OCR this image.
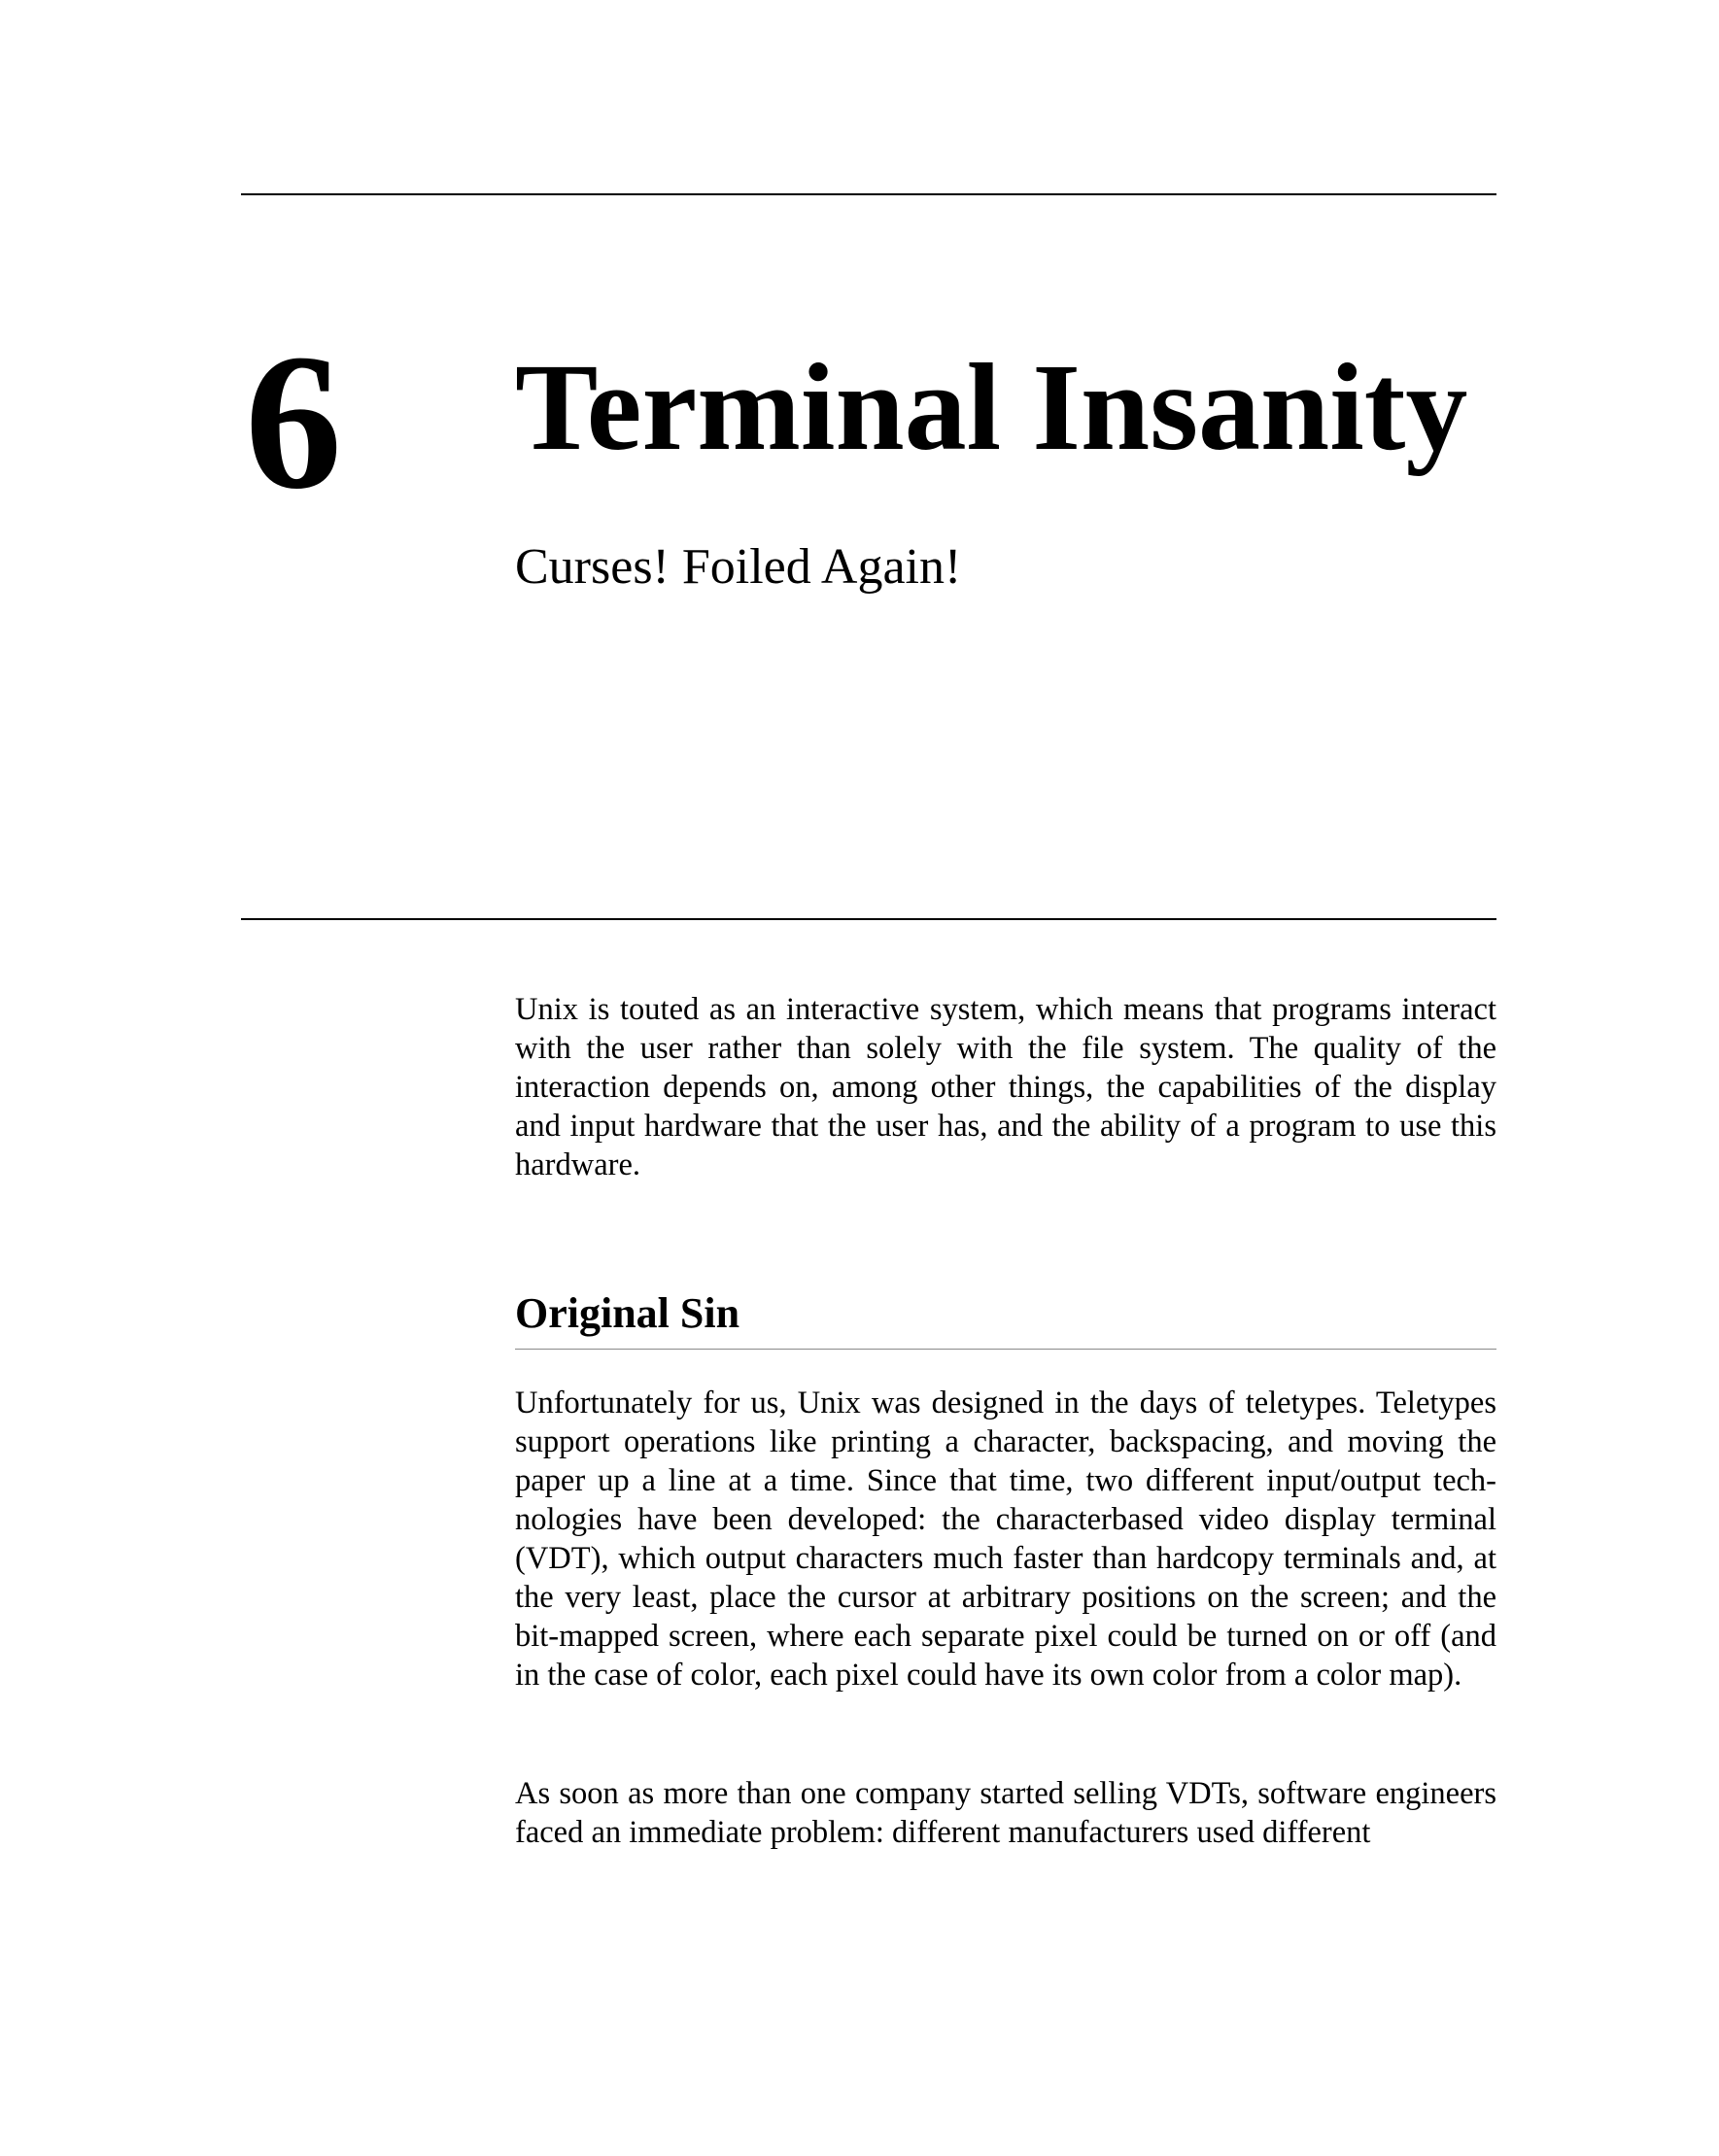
6 Terminal Insanity
Curses! Foiled Again!

Unix is touted as an interactive system, which means that programs interact with the user rather than solely with the file system. The quality of the interaction depends on, among other things, the capabilities of the display and input hardware that the user has, and the ability of a program to use this hardware.

Original Sin

Unfortunately for us, Unix was designed in the days of teletypes. Teletypes support operations like printing a character, backspacing, and moving the paper up a line at a time. Since that time, two different input/output technologies have been developed: the characterbased video display terminal (VDT), which output characters much faster than hardcopy terminals and, at the very least, place the cursor at arbitrary positions on the screen; and the bit-mapped screen, where each separate pixel could be turned on or off (and in the case of color, each pixel could have its own color from a color map).

As soon as more than one company started selling VDTs, software engineers faced an immediate problem: different manufacturers used different
